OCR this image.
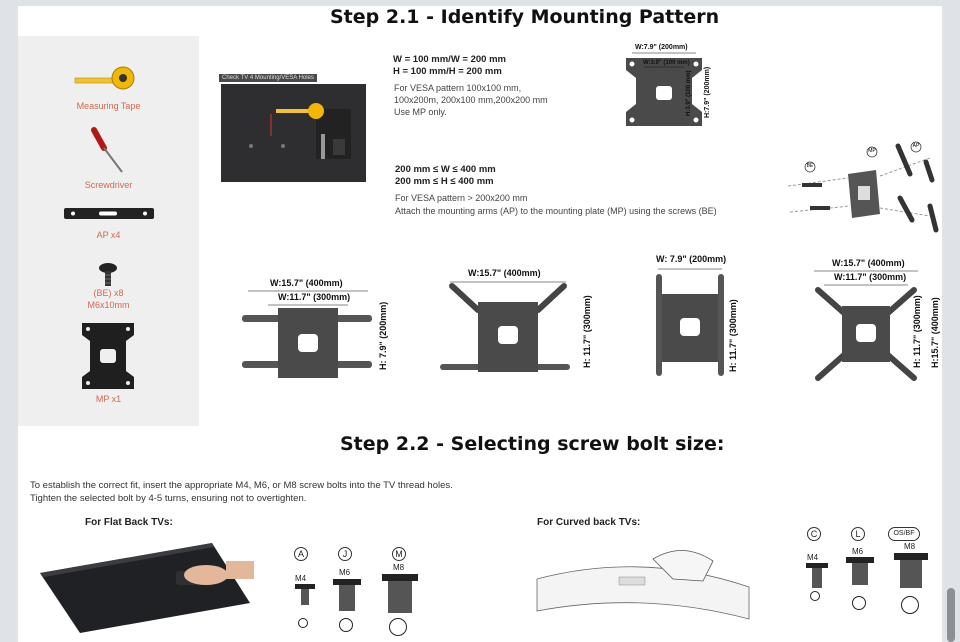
Step 2.1 - Identify Mounting Pattern
Measuring Tape
Screwdriver
AP x4
(BE) x8
M6x10mm
MP x1
Check TV 4 Mounting/VESA Holes
W = 100 mm/W = 200 mm
H = 100 mm/H = 200 mm
For VESA pattern 100x100 mm,
100x200m, 200x100 mm,200x200 mm
Use MP only.
W:7.9" (200mm)
W:3.9" (100 mm)
H:3.9" (100 mm) H:7.9" (200mm)
200 mm ≤ W ≤ 400 mm
200 mm ≤ H ≤ 400 mm
For VESA pattern > 200x200 mm
Attach the mounting arms (AP) to the mounting plate (MP) using the screws (BE)
BE
MP
AP
W:15.7" (400mm)
W:11.7" (300mm)
H: 7.9" (200mm)
W:15.7" (400mm)
H: 11.7" (300mm)
W: 7.9" (200mm)
H: 11.7" (300mm)
W:15.7" (400mm)
W:11.7" (300mm)
H: 11.7" (300mm) H:15.7" (400mm)
Step 2.2 - Selecting screw bolt size:
To establish the correct fit, insert the appropriate M4, M6, or M8 screw bolts into the TV thread holes.
Tighten the selected bolt by 4-5 turns, ensuring not to overtighten.
For Flat Back TVs:	For Curved back TVs:
A	J	M
M4
M6
M8
C	L	OS/BF
M4
M6
M8
